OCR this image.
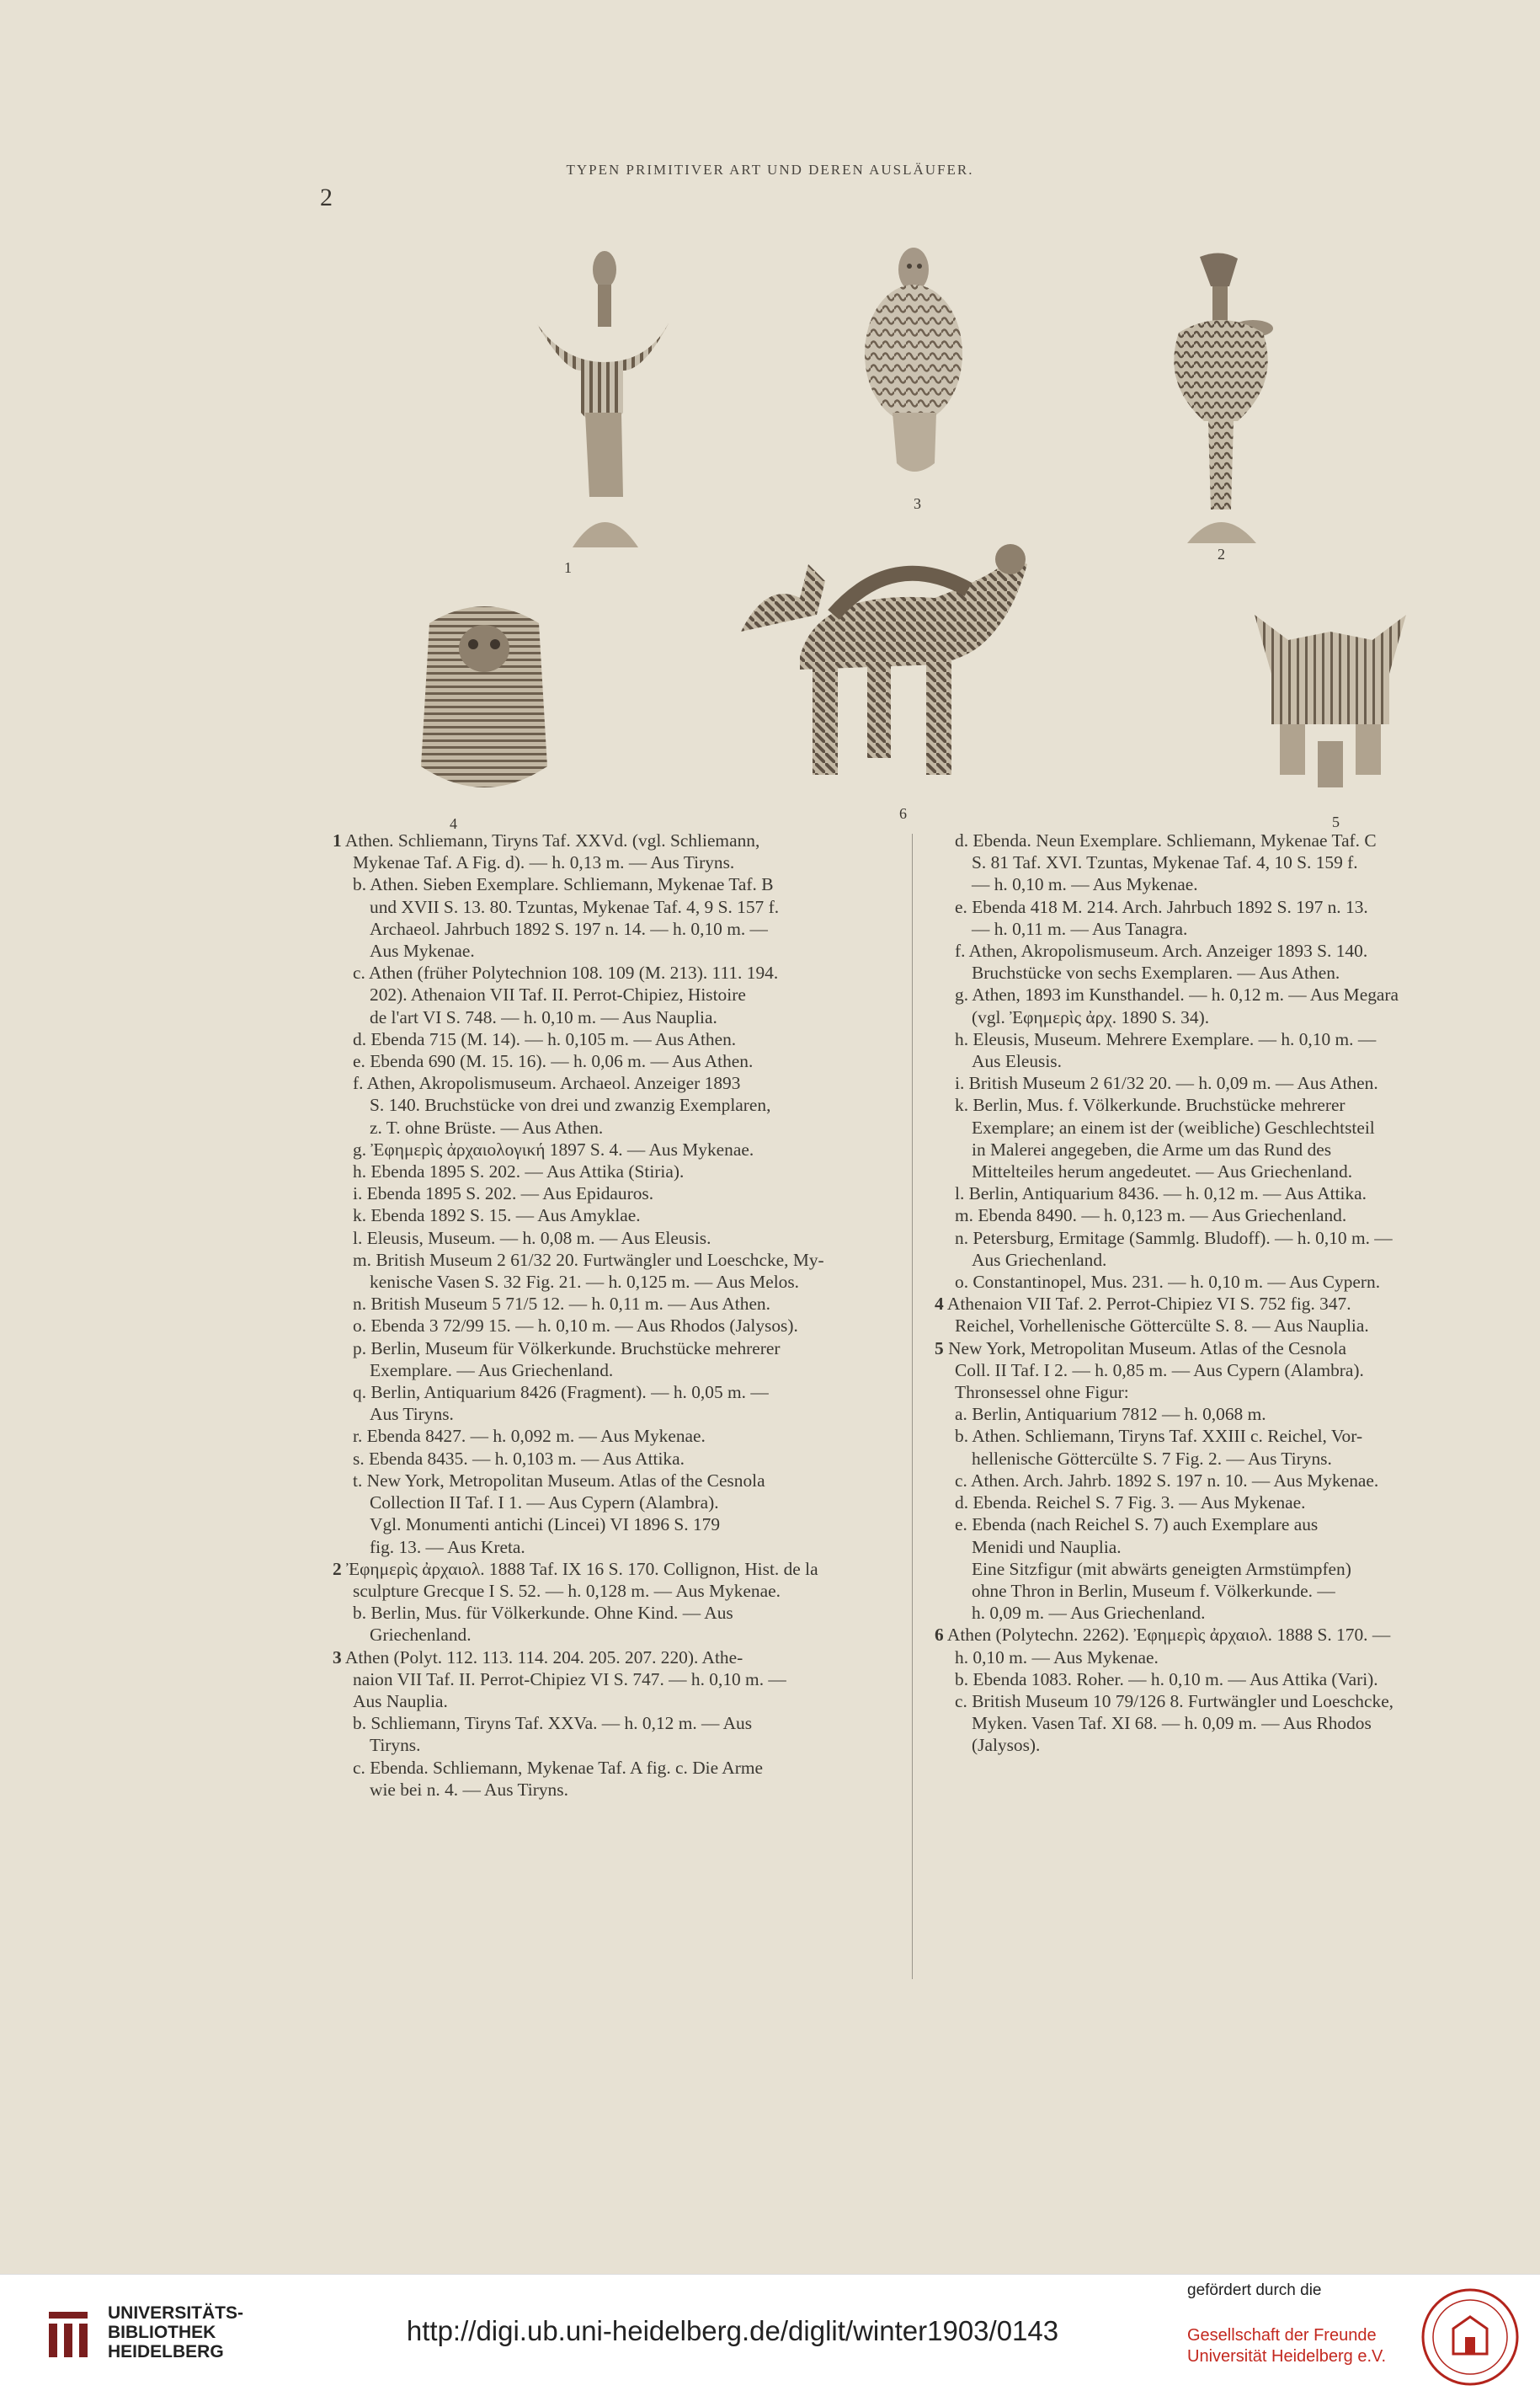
TYPEN PRIMITIVER ART UND DEREN AUSLÄUFER.
2
1
3
2
4
6	5

1 Athen. Schliemann, Tiryns Taf. XXVd. (vgl. Schliemann,
Mykenae Taf. A Fig. d). — h. 0,13 m. — Aus Tiryns.

b. Athen. Sieben Exemplare. Schliemann, Mykenae Taf. B
und XVII S. 13. 80. Tzuntas, Mykenae Taf. 4, 9 S. 157 f.
Archaeol. Jahrbuch 1892 S. 197 n. 14. — h. 0,10 m. —
Aus Mykenae.

c. Athen (früher Polytechnion 108. 109 (M. 213). 111. 194.
202). Athenaion VII Taf. II. Perrot-Chipiez, Histoire
de l'art VI S. 748. — h. 0,10 m. — Aus Nauplia.

d. Ebenda 715 (M. 14). — h. 0,105 m. — Aus Athen.

e. Ebenda 690 (M. 15. 16). — h. 0,06 m. — Aus Athen.

f. Athen, Akropolismuseum. Archaeol. Anzeiger 1893
S. 140. Bruchstücke von drei und zwanzig Exemplaren,
z. T. ohne Brüste. — Aus Athen.

g. Ἐφημερὶς ἀρχαιολογική 1897 S. 4. — Aus Mykenae.

h. Ebenda 1895 S. 202. — Aus Attika (Stiria).

i. Ebenda 1895 S. 202. — Aus Epidauros.

k. Ebenda 1892 S. 15. — Aus Amyklae.

l. Eleusis, Museum. — h. 0,08 m. — Aus Eleusis.

m. British Museum 2 61/32 20. Furtwängler und Loeschcke, My-
kenische Vasen S. 32 Fig. 21. — h. 0,125 m. — Aus Melos.

n. British Museum 5 71/5 12. — h. 0,11 m. — Aus Athen.

o. Ebenda 3 72/99 15. — h. 0,10 m. — Aus Rhodos (Jalysos).

p. Berlin, Museum für Völkerkunde. Bruchstücke mehrerer
Exemplare. — Aus Griechenland.

q. Berlin, Antiquarium 8426 (Fragment). — h. 0,05 m. —
Aus Tiryns.

r. Ebenda 8427. — h. 0,092 m. — Aus Mykenae.

s. Ebenda 8435. — h. 0,103 m. — Aus Attika.

t. New York, Metropolitan Museum. Atlas of the Cesnola
Collection II Taf. I 1. — Aus Cypern (Alambra).

Vgl. Monumenti antichi (Lincei) VI 1896 S. 179
fig. 13. — Aus Kreta.

2 Ἐφημερὶς ἀρχαιολ. 1888 Taf. IX 16 S. 170. Collignon, Hist. de la
sculpture Grecque I S. 52. — h. 0,128 m. — Aus Mykenae.

b. Berlin, Mus. für Völkerkunde. Ohne Kind. — Aus
Griechenland.

3 Athen (Polyt. 112. 113. 114. 204. 205. 207. 220). Athe-
naion VII Taf. II. Perrot-Chipiez VI S. 747. — h. 0,10 m. —
Aus Nauplia.

b. Schliemann, Tiryns Taf. XXVa. — h. 0,12 m. — Aus
Tiryns.

c. Ebenda. Schliemann, Mykenae Taf. A fig. c. Die Arme
wie bei n. 4. — Aus Tiryns.

d. Ebenda. Neun Exemplare. Schliemann, Mykenae Taf. C
S. 81 Taf. XVI. Tzuntas, Mykenae Taf. 4, 10 S. 159 f.
— h. 0,10 m. — Aus Mykenae.

e. Ebenda 418 M. 214. Arch. Jahrbuch 1892 S. 197 n. 13.
— h. 0,11 m. — Aus Tanagra.

f. Athen, Akropolismuseum. Arch. Anzeiger 1893 S. 140.
Bruchstücke von sechs Exemplaren. — Aus Athen.

g. Athen, 1893 im Kunsthandel. — h. 0,12 m. — Aus Megara
(vgl. Ἐφημερὶς ἀρχ. 1890 S. 34).

h. Eleusis, Museum. Mehrere Exemplare. — h. 0,10 m. —
Aus Eleusis.

i. British Museum 2 61/32 20. — h. 0,09 m. — Aus Athen.

k. Berlin, Mus. f. Völkerkunde. Bruchstücke mehrerer
Exemplare; an einem ist der (weibliche) Geschlechtsteil
in Malerei angegeben, die Arme um das Rund des
Mittelteiles herum angedeutet. — Aus Griechenland.

l. Berlin, Antiquarium 8436. — h. 0,12 m. — Aus Attika.

m. Ebenda 8490. — h. 0,123 m. — Aus Griechenland.

n. Petersburg, Ermitage (Sammlg. Bludoff). — h. 0,10 m. —
Aus Griechenland.

o. Constantinopel, Mus. 231. — h. 0,10 m. — Aus Cypern.

4 Athenaion VII Taf. 2. Perrot-Chipiez VI S. 752 fig. 347.
Reichel, Vorhellenische Göttercülte S. 8. — Aus Nauplia.

5 New York, Metropolitan Museum. Atlas of the Cesnola
Coll. II Taf. I 2. — h. 0,85 m. — Aus Cypern (Alambra).
Thronsessel ohne Figur:

a. Berlin, Antiquarium 7812 — h. 0,068 m.

b. Athen. Schliemann, Tiryns Taf. XXIII c. Reichel, Vor-
hellenische Göttercülte S. 7 Fig. 2. — Aus Tiryns.

c. Athen. Arch. Jahrb. 1892 S. 197 n. 10. — Aus Mykenae.

d. Ebenda. Reichel S. 7 Fig. 3. — Aus Mykenae.

e. Ebenda (nach Reichel S. 7) auch Exemplare aus
Menidi und Nauplia.

Eine Sitzfigur (mit abwärts geneigten Armstümpfen)
ohne Thron in Berlin, Museum f. Völkerkunde. —
h. 0,09 m. — Aus Griechenland.

6 Athen (Polytechn. 2262). Ἐφημερὶς ἀρχαιολ. 1888 S. 170. —
h. 0,10 m. — Aus Mykenae.

b. Ebenda 1083. Roher. — h. 0,10 m. — Aus Attika (Vari).

c. British Museum 10 79/126 8. Furtwängler und Loeschcke,
Myken. Vasen Taf. XI 68. — h. 0,09 m. — Aus Rhodos
(Jalysos).

UNIVERSITÄTS-
BIBLIOTHEK
HEIDELBERG
http://digi.ub.uni-heidelberg.de/diglit/winter1903/0143
gefördert durch die
Gesellschaft der Freunde
Universität Heidelberg e.V.
